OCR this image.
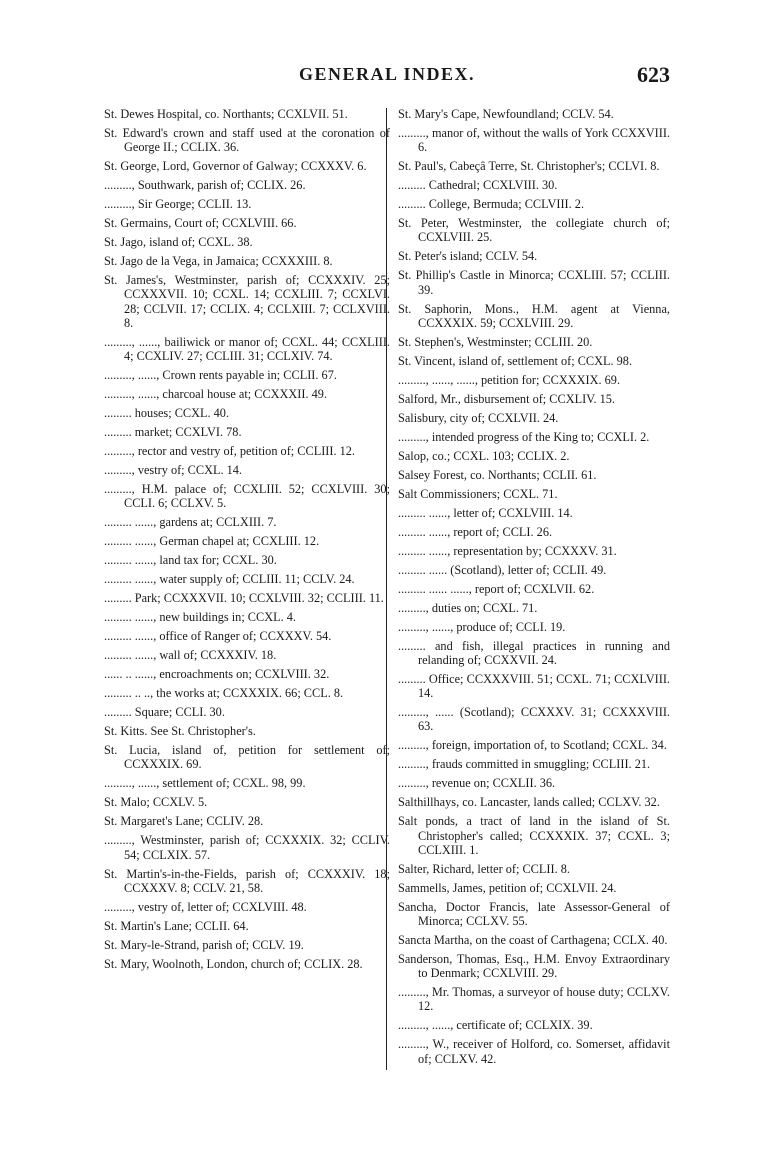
GENERAL INDEX.	623

St. Dewes Hospital, co. Northants; CCXLVII. 51.

St. Edward's crown and staff used at the coronation of George II.; CCLIX. 36.

St. George, Lord, Governor of Galway; CCXXXV. 6.

........., Southwark, parish of; CCLIX. 26.

........., Sir George; CCLII. 13.

St. Germains, Court of; CCXLVIII. 66.

St. Jago, island of; CCXL. 38.

St. Jago de la Vega, in Jamaica; CCXXXIII. 8.

St. James's, Westminster, parish of; CCXXXIV. 25; CCXXXVII. 10; CCXL. 14; CCXLIII. 7; CCXLVI. 28; CCLVII. 17; CCLIX. 4; CCLXIII. 7; CCLXVIII. 8.

........., ......, bailiwick or manor of; CCXL. 44; CCXLIII. 4; CCXLIV. 27; CCLIII. 31; CCLXIV. 74.

........., ......, Crown rents payable in; CCLII. 67.

........., ......, charcoal house at; CCXXXII. 49.

......... houses; CCXL. 40.

......... market; CCXLVI. 78.

........., rector and vestry of, petition of; CCLIII. 12.

........., vestry of; CCXL. 14.

........., H.M. palace of; CCXLIII. 52; CCXLVIII. 30; CCLI. 6; CCLXV. 5.

......... ......, gardens at; CCLXIII. 7.

......... ......, German chapel at; CCXLIII. 12.

......... ......, land tax for; CCXL. 30.

......... ......, water supply of; CCLIII. 11; CCLV. 24.

......... Park; CCXXXVII. 10; CCXLVIII. 32; CCLIII. 11.

......... ......, new buildings in; CCXL. 4.

......... ......, office of Ranger of; CCXXXV. 54.

......... ......, wall of; CCXXXIV. 18.

...... .. ......, encroachments on; CCXLVIII. 32.

......... .. .., the works at; CCXXXIX. 66; CCL. 8.

......... Square; CCLI. 30.

St. Kitts. See St. Christopher's.

St. Lucia, island of, petition for settlement of; CCXXXIX. 69.

........., ......, settlement of; CCXL. 98, 99.

St. Malo; CCXLV. 5.

St. Margaret's Lane; CCLIV. 28.

........., Westminster, parish of; CCXXXIX. 32; CCLIV. 54; CCLXIX. 57.

St. Martin's-in-the-Fields, parish of; CCXXXIV. 18; CCXXXV. 8; CCLV. 21, 58.

........., vestry of, letter of; CCXLVIII. 48.

St. Martin's Lane; CCLII. 64.

St. Mary-le-Strand, parish of; CCLV. 19.

St. Mary, Woolnoth, London, church of; CCLIX. 28.

St. Mary's Cape, Newfoundland; CCLV. 54.

........., manor of, without the walls of York CCXXVIII. 6.

St. Paul's, Cabeçâ Terre, St. Christopher's; CCLVI. 8.

......... Cathedral; CCXLVIII. 30.

......... College, Bermuda; CCLVIII. 2.

St. Peter, Westminster, the collegiate church of; CCXLVIII. 25.

St. Peter's island; CCLV. 54.

St. Phillip's Castle in Minorca; CCXLIII. 57; CCLIII. 39.

St. Saphorin, Mons., H.M. agent at Vienna, CCXXXIX. 59; CCXLVIII. 29.

St. Stephen's, Westminster; CCLIII. 20.

St. Vincent, island of, settlement of; CCXL. 98.

........., ......, ......, petition for; CCXXXIX. 69.

Salford, Mr., disbursement of; CCXLIV. 15.

Salisbury, city of; CCXLVII. 24.

........., intended progress of the King to; CCXLI. 2.

Salop, co.; CCXL. 103; CCLIX. 2.

Salsey Forest, co. Northants; CCLII. 61.

Salt Commissioners; CCXL. 71.

......... ......, letter of; CCXLVIII. 14.

......... ......, report of; CCLI. 26.

......... ......, representation by; CCXXXV. 31.

......... ...... (Scotland), letter of; CCLII. 49.

......... ...... ......, report of; CCXLVII. 62.

........., duties on; CCXL. 71.

........., ......, produce of; CCLI. 19.

......... and fish, illegal practices in running and relanding of; CCXXVII. 24.

......... Office; CCXXXVIII. 51; CCXL. 71; CCXLVIII. 14.

........., ...... (Scotland); CCXXXV. 31; CCXXXVIII. 63.

........., foreign, importation of, to Scotland; CCXL. 34.

........., frauds committed in smuggling; CCLIII. 21.

........., revenue on; CCXLII. 36.

Salthillhays, co. Lancaster, lands called; CCLXV. 32.

Salt ponds, a tract of land in the island of St. Christopher's called; CCXXXIX. 37; CCXL. 3; CCLXIII. 1.

Salter, Richard, letter of; CCLII. 8.

Sammells, James, petition of; CCXLVII. 24.

Sancha, Doctor Francis, late Assessor-General of Minorca; CCLXV. 55.

Sancta Martha, on the coast of Carthagena; CCLX. 40.

Sanderson, Thomas, Esq., H.M. Envoy Extraordinary to Denmark; CCXLVIII. 29.

........., Mr. Thomas, a surveyor of house duty; CCLXV. 12.

........., ......, certificate of; CCLXIX. 39.

........., W., receiver of Holford, co. Somerset, affidavit of; CCLXV. 42.
